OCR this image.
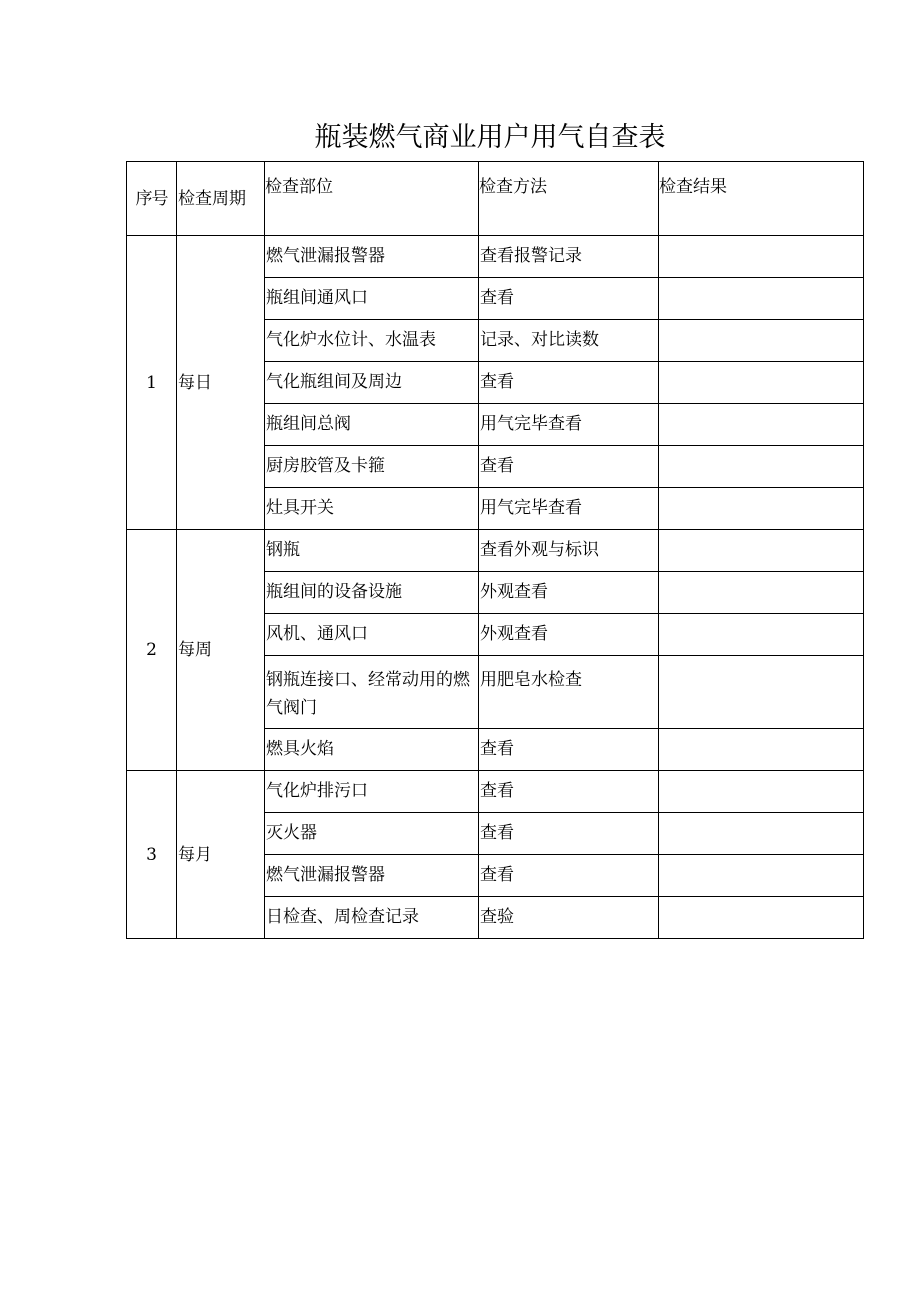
瓶装燃气商业用户用气自查表
序号	检查周期	检查部位	检查方法	检查结果
1	每日	燃气泄漏报警器	查看报警记录	
		瓶组间通风口	查看	
		气化炉水位计、水温表	记录、对比读数	
		气化瓶组间及周边	查看	
		瓶组间总阀	用气完毕查看	
		厨房胶管及卡箍	查看	
		灶具开关	用气完毕查看	
2	每周	钢瓶	查看外观与标识	
		瓶组间的设备设施	外观查看	
		风机、通风口	外观查看	
		钢瓶连接口、经常动用的燃气阀门	用肥皂水检查	
		燃具火焰	查看	
3	每月	气化炉排污口	查看	
		灭火器	查看	
		燃气泄漏报警器	查看	
		日检查、周检查记录	查验	
